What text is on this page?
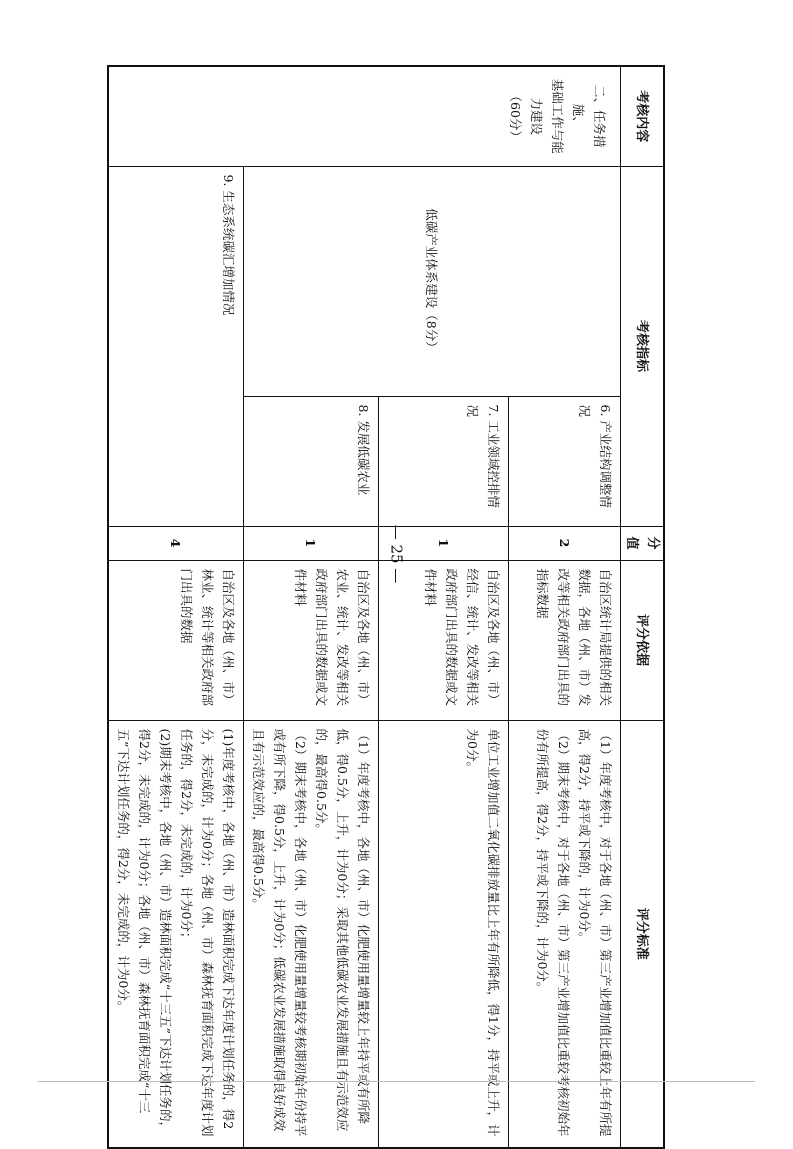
考核内容	考核指标		分值	评分依据	评分标准

二、任务措施、
基础工作与能
力建设
（60分）	低碳产业体系建设（8分）	6. 产业结构调整情况	2	自治区统计局提供的相关数据，各地（州、市）发改等相关政府部门出具的指标数据	（1）年度考核中，对于各地（州、市）第三产业增加值比重较上年有所提高，得2分，持平或下降的，计为0分。
（2）期末考核中，对于各地（州、市）第三产业增加值比重较考核初始年份有所提高，得2分，持平或下降的，计为0分。

		7. 工业领域控排情况	1	自治区及各地（州、市）经信、统计、发改等相关政府部门出具的数据或文件材料	单位工业增加值二氧化碳排放量比上年有所降低，得1分，持平或上升，计为0分。

		8. 发展低碳农业	1	自治区及各地（州、市）农业、统计、发改等相关政府部门出具的数据或文件材料	（1）年度考核中，各地（州、市）化肥使用量增量较上年持平或有所降低，得0.5分，上升，计为0分；采取其他低碳农业发展措施且有示范效应的，最高得0.5分。
（2）期末考核中，各地（州、市）化肥使用量增量较考核期初始年份持平或有所下降，得0.5分，上升，计为0分；低碳农业发展措施取得良好成效且有示范效应的，最高得0.5分。

	9. 生态系统碳汇增加情况		4	自治区及各地（州、市）林业、统计等相关政府部门出具的数据	(1)年度考核中，各地（州、市）造林面积完成下达年度计划任务的，得2分，未完成的，计为0分；各地（州、市）森林抚育面积完成下达年度计划任务的，得2分，未完成的，计为0分；
(2)期末考核中，各地（州、市）造林面积完成“十三五”下达计划任务的，得2分，未完成的，计为0分；各地（州、市）森林抚育面积完成“十三五”下达计划任务的，得2分，未完成的，计为0分。
— 25 —
